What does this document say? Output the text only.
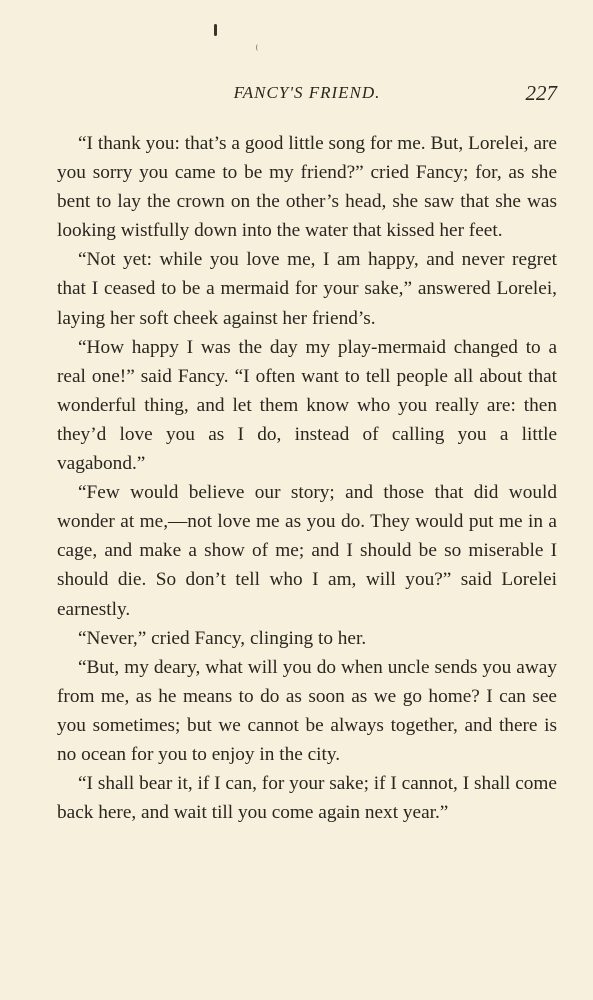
FANCY'S FRIEND.	227

“I thank you: that’s a good little song for me. But, Lorelei, are you sorry you came to be my friend?” cried Fancy; for, as she bent to lay the crown on the other’s head, she saw that she was looking wistfully down into the water that kissed her feet.

“Not yet: while you love me, I am happy, and never regret that I ceased to be a mermaid for your sake,” answered Lorelei, laying her soft cheek against her friend’s.

“How happy I was the day my play-mermaid changed to a real one!” said Fancy. “I often want to tell people all about that wonderful thing, and let them know who you really are: then they’d love you as I do, instead of calling you a little vagabond.”

“Few would believe our story; and those that did would wonder at me,—not love me as you do. They would put me in a cage, and make a show of me; and I should be so miserable I should die. So don’t tell who I am, will you?” said Lorelei earnestly.

“Never,” cried Fancy, clinging to her.

“But, my deary, what will you do when uncle sends you away from me, as he means to do as soon as we go home? I can see you sometimes; but we cannot be always together, and there is no ocean for you to enjoy in the city.

“I shall bear it, if I can, for your sake; if I cannot, I shall come back here, and wait till you come again next year.”
